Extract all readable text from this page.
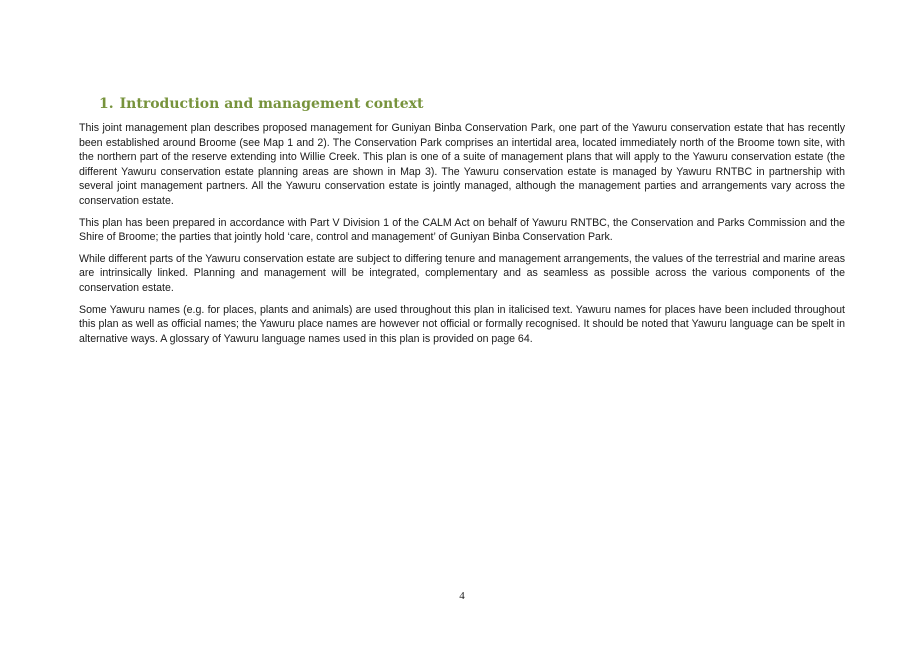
1. Introduction and management context

This joint management plan describes proposed management for Guniyan Binba Conservation Park, one part of the Yawuru conservation estate that has recently been established around Broome (see Map 1 and 2). The Conservation Park comprises an intertidal area, located immediately north of the Broome town site, with the northern part of the reserve extending into Willie Creek. This plan is one of a suite of management plans that will apply to the Yawuru conservation estate (the different Yawuru conservation estate planning areas are shown in Map 3). The Yawuru conservation estate is managed by Yawuru RNTBC in partnership with several joint management partners. All the Yawuru conservation estate is jointly managed, although the management parties and arrangements vary across the conservation estate.

This plan has been prepared in accordance with Part V Division 1 of the CALM Act on behalf of Yawuru RNTBC, the Conservation and Parks Commission and the Shire of Broome; the parties that jointly hold ‘care, control and management’ of Guniyan Binba Conservation Park.

While different parts of the Yawuru conservation estate are subject to differing tenure and management arrangements, the values of the terrestrial and marine areas are intrinsically linked. Planning and management will be integrated, complementary and as seamless as possible across the various components of the conservation estate.

Some Yawuru names (e.g. for places, plants and animals) are used throughout this plan in italicised text. Yawuru names for places have been included throughout this plan as well as official names; the Yawuru place names are however not official or formally recognised. It should be noted that Yawuru language can be spelt in alternative ways. A glossary of Yawuru language names used in this plan is provided on page 64.

4
